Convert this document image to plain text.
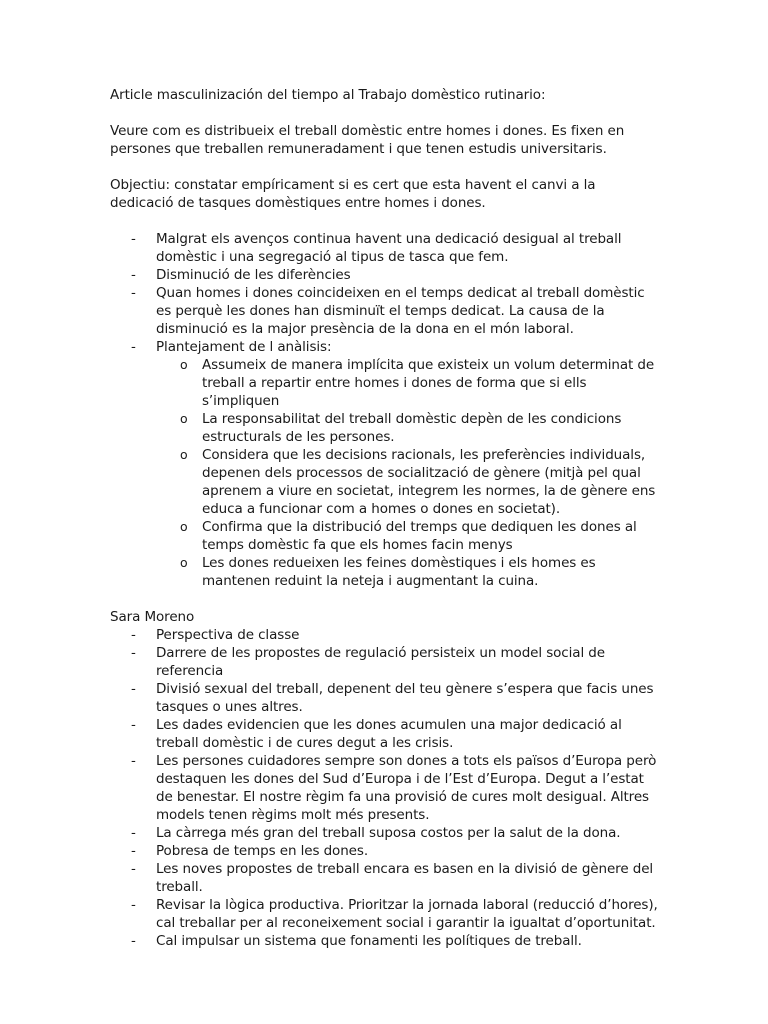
Article masculinización del tiempo al Trabajo domèstico rutinario:

Veure com es distribueix el treball domèstic entre homes i dones. Es fixen en persones que treballen remuneradament i que tenen estudis universitaris.

Objectiu: constatar empíricament si es cert que esta havent el canvi a la dedicació de tasques domèstiques entre homes i dones.

- Malgrat els avenços continua havent una dedicació desigual al treball domèstic i una segregació al tipus de tasca que fem.
- Disminució de les diferències
- Quan homes i dones coincideixen en el temps dedicat al treball domèstic es perquè les dones han disminuït el temps dedicat. La causa de la disminució es la major presència de la dona en el món laboral.
- Plantejament de l anàlisis:
o Assumeix de manera implícita que existeix un volum determinat de treball a repartir entre homes i dones de forma que si ells s’impliquen
o La responsabilitat del treball domèstic depèn de les condicions estructurals de les persones.
o Considera que les decisions racionals, les preferències individuals, depenen dels processos de socialització de gènere (mitjà pel qual aprenem a viure en societat, integrem les normes, la de gènere ens educa a funcionar com a homes o dones en societat).
o Confirma que la distribució del tremps que dediquen les dones al temps domèstic fa que els homes facin menys
o Les dones redueixen les feines domèstiques i els homes es mantenen reduint la neteja i augmentant la cuina.

Sara Moreno

- Perspectiva de classe
- Darrere de les propostes de regulació persisteix un model social de referencia
- Divisió sexual del treball, depenent del teu gènere s’espera que facis unes tasques o unes altres.
- Les dades evidencien que les dones acumulen una major dedicació al treball domèstic i de cures degut a les crisis.
- Les persones cuidadores sempre son dones a tots els països d’Europa però destaquen les dones del Sud d’Europa i de l’Est d’Europa. Degut a l’estat de benestar. El nostre règim fa una provisió de cures molt desigual. Altres models tenen règims molt més presents.
- La càrrega més gran del treball suposa costos per la salut de la dona.
- Pobresa de temps en les dones.
- Les noves propostes de treball encara es basen en la divisió de gènere del treball.
- Revisar la lògica productiva. Prioritzar la jornada laboral (reducció d’hores), cal treballar per al reconeixement social i garantir la igualtat d’oportunitat.
- Cal impulsar un sistema que fonamenti les polítiques de treball.
